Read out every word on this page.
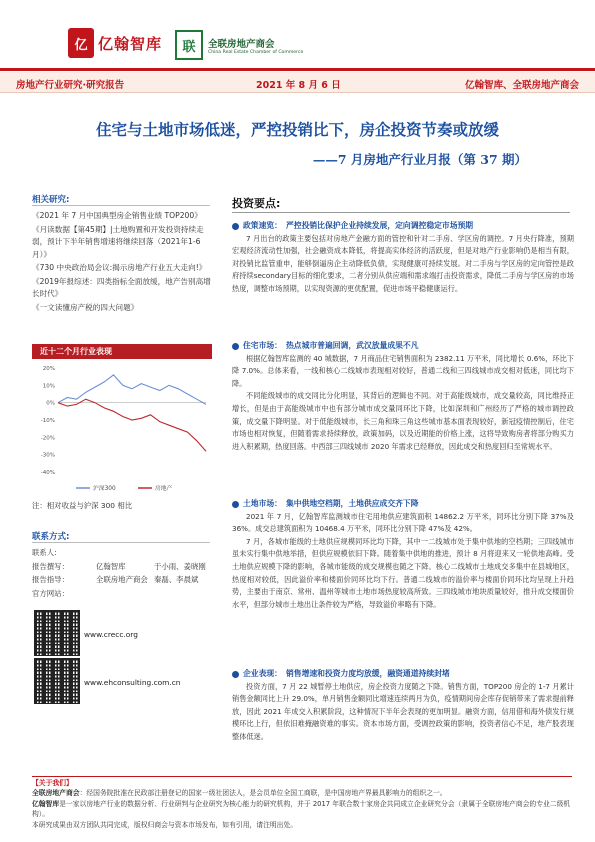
亿 亿翰智库	联	全联房地产商会
China Real Estate Chamber of Commerce
房地产行业研究·研究报告	2021 年 8 月 6 日	亿翰智库、全联房地产商会
住宅与土地市场低迷，严控投销比下，房企投资节奏或放缓
——7 月房地产行业月报（第 37 期）
相关研究:

《2021 年 7 月中国典型房企销售业绩 TOP200》

《月读数据【第45期】|土地购置和开发投资持续走弱，预计下半年销售增速将继续回落（2021年1-6月）》

《730 中央政治局会议:揭示房地产行业五大走向!》

《2019年报综述：四类指标全面放缓，地产告别高增长时代》

《一文读懂房产税的四大问题》

近十二个月行业表现
20%
10%
0%
-10%
-20%
-30%
-40%
沪深300	房地产
注：相对收益与沪深 300 相比
联系方式:
联系人:
报告撰写：	亿翰智库	于小雨、姜晓刚
报告指导：	全联房地产商会 秦磊、李晨斌
官方网站：
www.crecc.org
www.ehconsulting.com.cn
投资要点:
政策速览： 严控投销比保护企业持续发展，定向调控稳定市场预期

7 月出台的政策主要包括对房地产金融方面的管控和针对二手房、学区房的调控。7 月央行降准，预期宏观经济流动性加强，社会融资成本降低，将提高实体经济的活跃度，但是对地产行业影响仍是相当有限，对投销比监管重申，能够倒逼房企主动降低负债，实现健康可持续发展。对二手房与学区房的定向管控是政府持续secondary目标的细化要求，二者分别从供应端和需求端打击投资需求，降低二手房与学区房的市场热度，调整市场预期，以实现资源的更优配置，促进市场平稳健康运行。

住宅市场： 热点城市普遍回调，武汉放量成果不凡

根据亿翰智库监测的 40 城数据，7 月商品住宅销售面积为 2382.11 万平米，同比增长 0.6%，环比下降 7.0%。总体来看，一线和核心二线城市表现相对较好，普通二线和三四线城市成交相对低迷，同比均下降。

不同能级城市的成交同比分化明显，其背后的逻辑也不同。对于高能级城市，成交量较高，同比维持正增长，但是由于高能级城市中也有部分城市成交量同环比下降，比如深圳和广州经历了严格的城市调控政策，成交量下降明显。对于低能级城市，长三角和珠三角这些城市基本面表现较好，新冠疫情控制后，住宅市场也相对恢复，但随着需求持续释放，政策加码，以及近期能的价格上涨，这将导致购房者将部分购买力进入积累期，热度回落。中西部三四线城市 2020 年需求已经释放，因此成交和热度回归至常规水平。

土地市场： 集中供地空档期，土地供应成交齐下降

2021 年 7 月，亿翰智库监测城市住宅用地供应建筑面积 14862.2 万平米，同环比分别下降 37%及 36%。成交总建筑面积为 10468.4 万平米，同环比分别下降 47%及 42%。

7 月，各城市能级的土地供应规模同环比均下降，其中一二线城市处于集中供地的空档期；三四线城市虽未实行集中供地举措，但供应规模依旧下降。随着集中供地的推进，预计 8 月将迎来又一轮供地高峰。受土地供应规模下降的影响，各城市能级的成交规模也随之下降。核心二线城市土地成交多集中在县城地区，热度相对较低，因此溢价率和楼面价同环比均下行。普通二线城市的溢价率与楼面价同环比均呈现上升趋势，主要由于南京、常州、温州等城市土地市场热度较高所致。三四线城市地块质量较好，推升成交楼面价水平，但部分城市土地出让条件较为严格，导致溢价率略有下降。

企业表现： 销售增速和投资力度均放缓，融资通道持续封堵

投资方面，7 月 22 城暂停土地供应，房企投资力度随之下降。销售方面，TOP200 房企的 1-7 月累计销售金额同比上升 29.0%，单月销售金额同比增速连续两月为负，疫情期间房企库存促销带来了需求提前释放，因此 2021 年成交入积累阶段，这种情况下半年会表现的更加明显。融资方面，信用借和海外债发行规模环比上行，但依旧难掩融资难的事实。资本市场方面，受调控政策的影响，投资者信心不足，地产股表现整体低迷。

【关于我们】
全联房地产商会：经国务院批准在民政部注册登记的国家一级社团法人，是会员单位全国工商联，是中国房地产界最具影响力的组织之一。
亿翰智库是一家以房地产行业的数据分析、行业研判与企业研究为核心能力的研究机构，并于 2017 年联合数十家房企共同成立企业研究分会（隶属于全联房地产商会的专业二级机构）。
本研究成果由双方团队共同完成，版权归商会与资本市场发布，如有引用，请注明出处。
